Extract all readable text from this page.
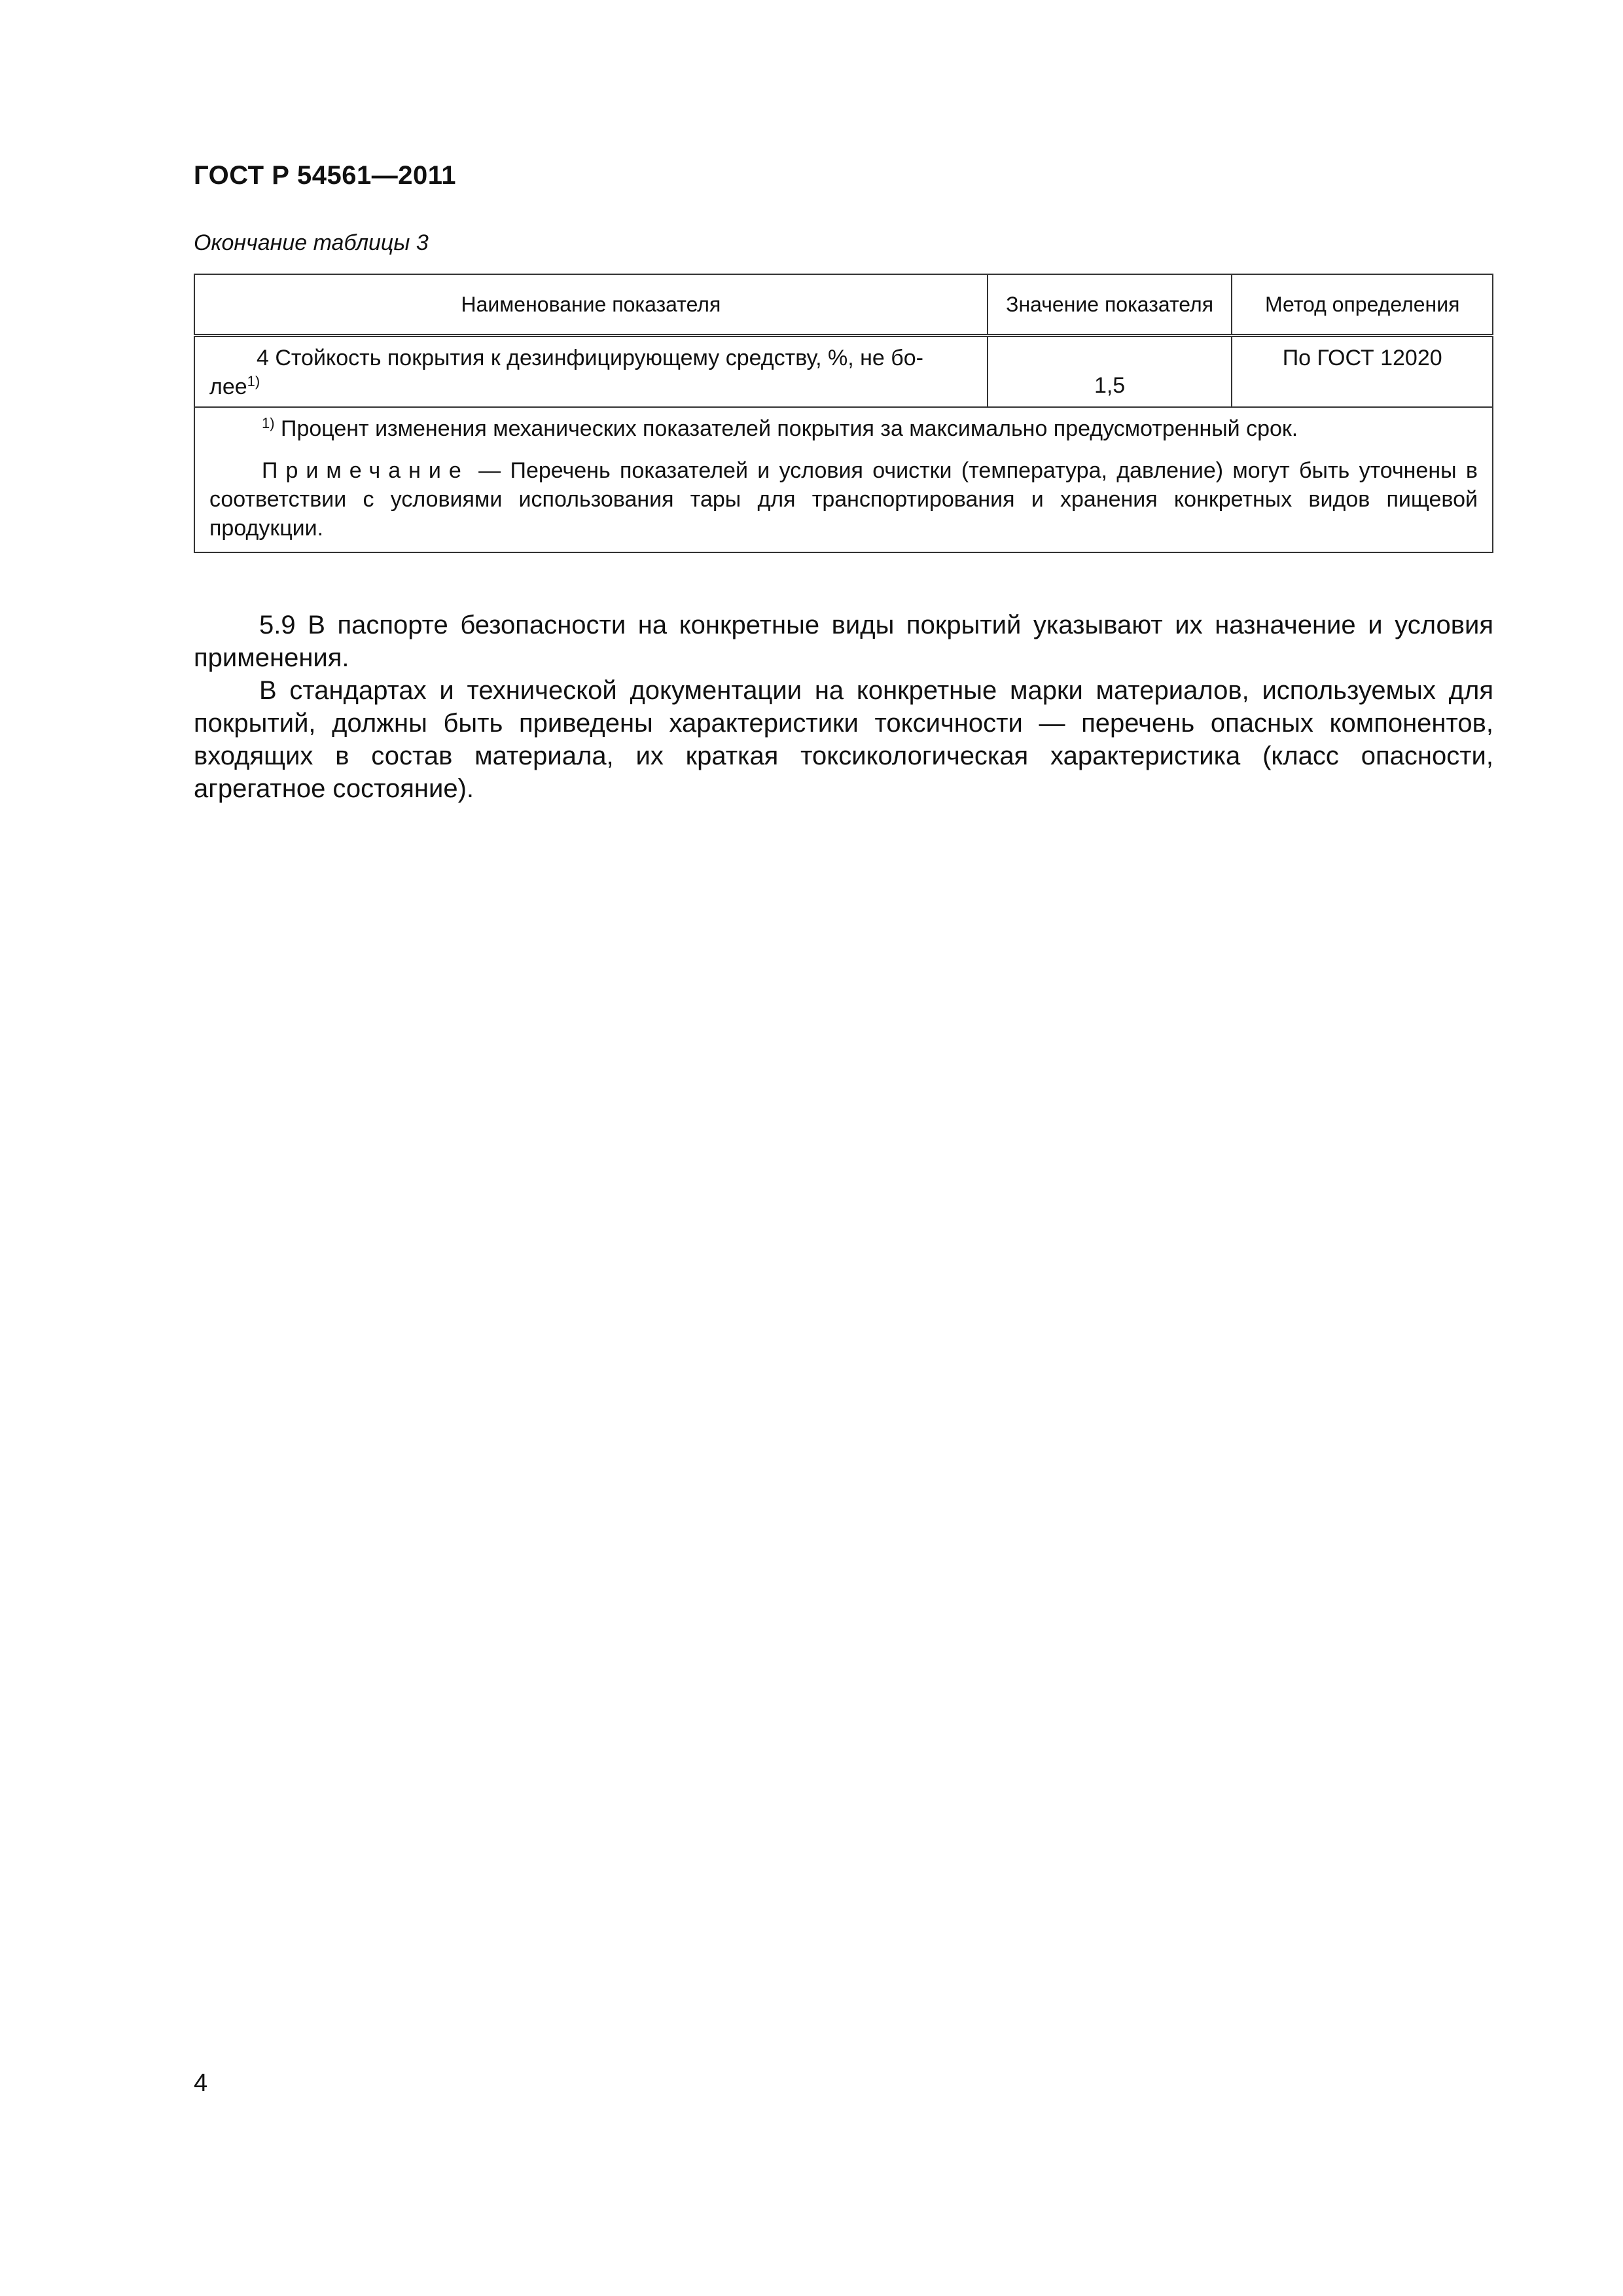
ГОСТ Р 54561—2011
Окончание таблицы 3
Наименование показателя	Значение показателя	Метод определения

4 Стойкость покрытия к дезинфицирующему средству, %, не бо-
лее$^{1)}$	1,5	По ГОСТ 12020

$^{1)}$ Процент изменения механических показателей покрытия за максимально предусмотренный срок.
Примечание — Перечень показателей и условия очистки (температура, давление) могут быть уточнены в соответствии с условиями использования тары для транспортирования и хранения конкретных видов пищевой продукции.		

5.9 В паспорте безопасности на конкретные виды покрытий указывают их назначение и условия применения.

В стандартах и технической документации на конкретные марки материалов, используемых для покрытий, должны быть приведены характеристики токсичности — перечень опасных компонентов, входящих в состав материала, их краткая токсикологическая характеристика (класс опасности, агрегатное состояние).

4
